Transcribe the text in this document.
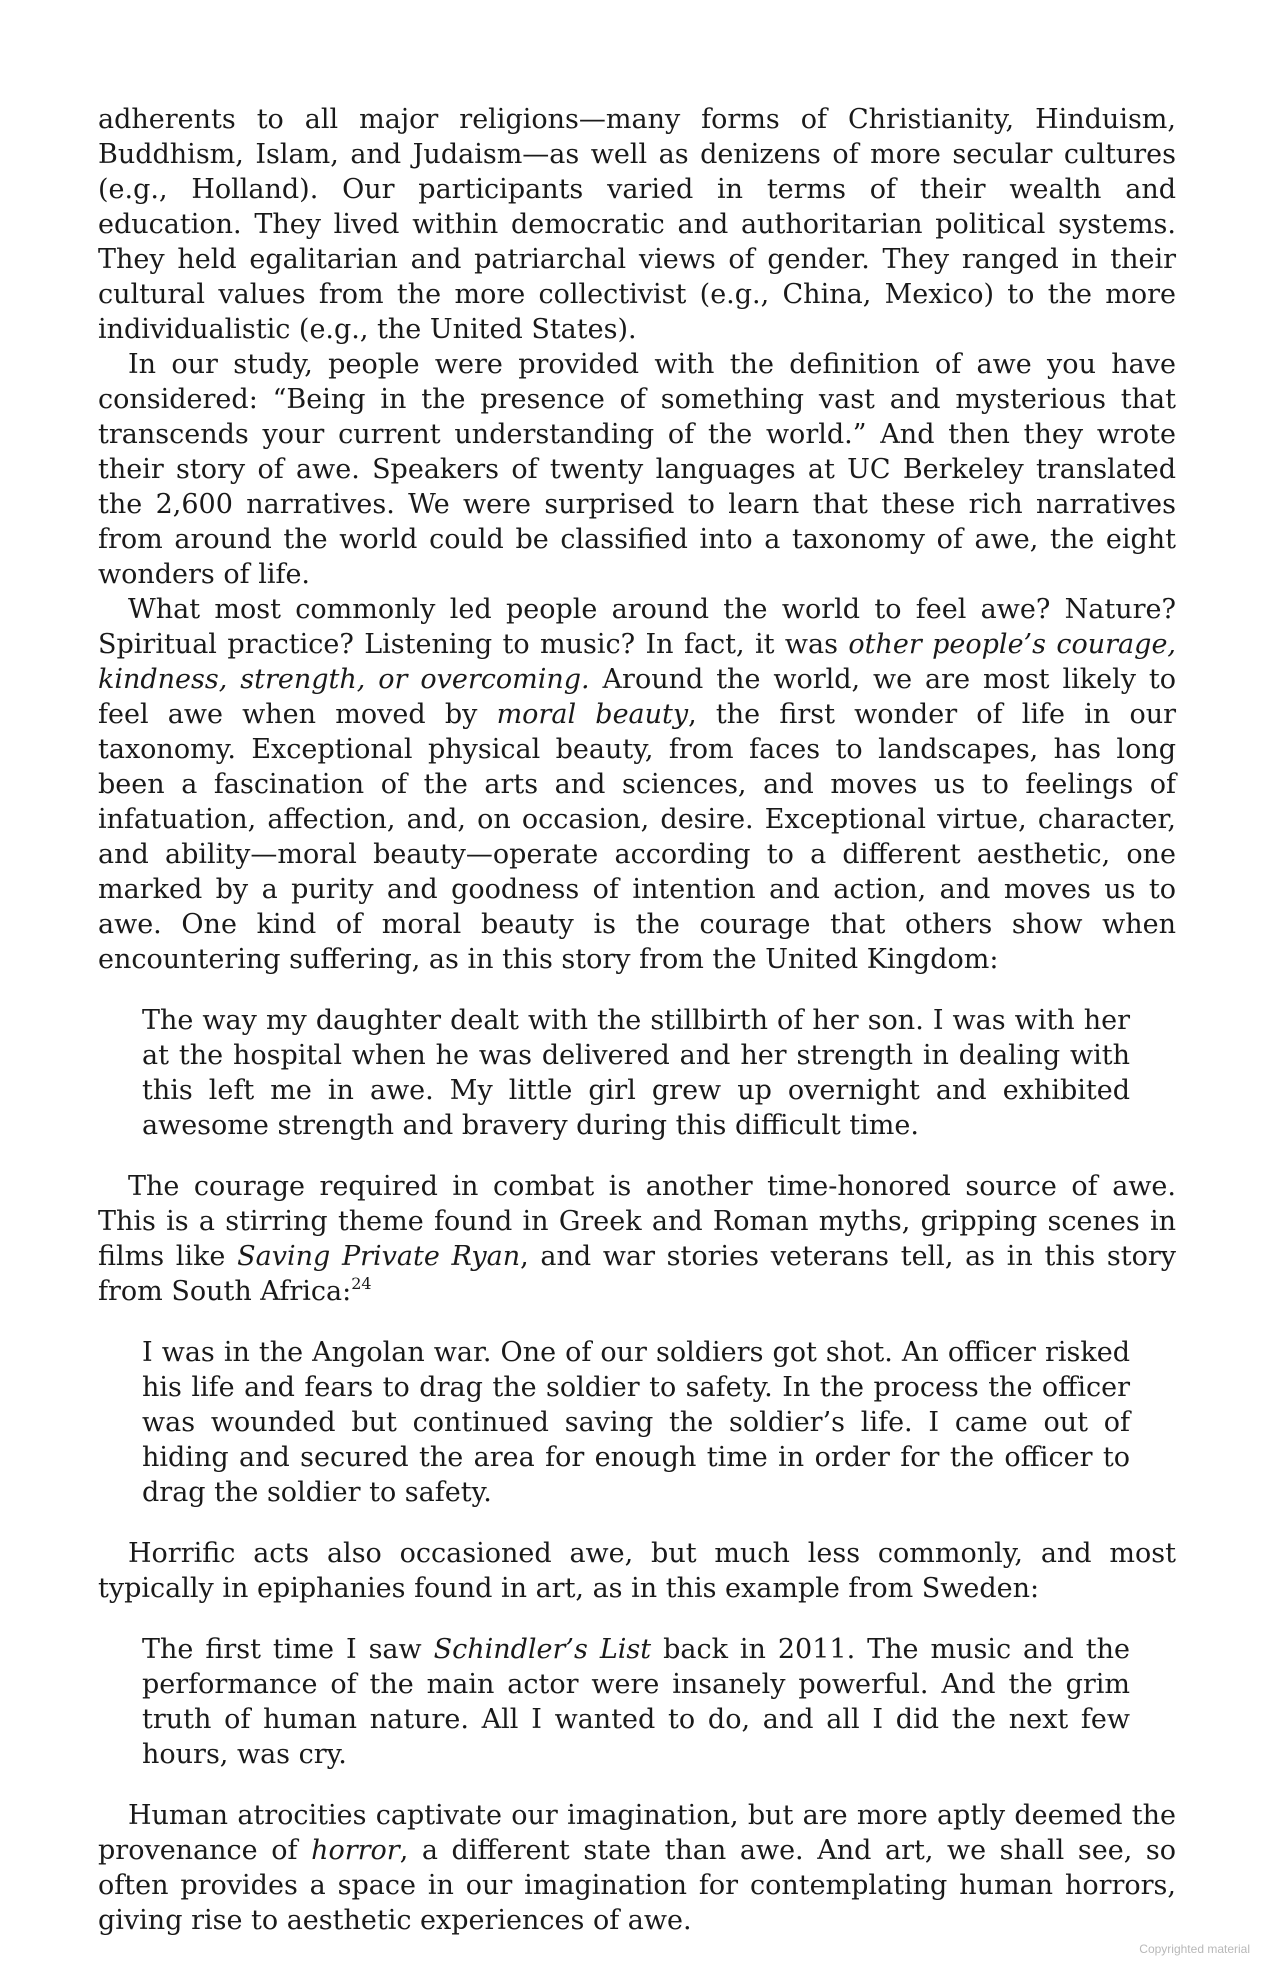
adherents to all major religions—many forms of Christianity, Hinduism, Buddhism, Islam, and Judaism—as well as denizens of more secular cultures (e.g., Holland). Our participants varied in terms of their wealth and education. They lived within democratic and authoritarian political systems. They held egalitarian and patriarchal views of gender. They ranged in their cultural values from the more collectivist (e.g., China, Mexico) to the more individualistic (e.g., the United States).

In our study, people were provided with the definition of awe you have considered: “Being in the presence of something vast and mysterious that transcends your current understanding of the world.” And then they wrote their story of awe. Speakers of twenty languages at UC Berkeley translated the 2,600 narratives. We were surprised to learn that these rich narratives from around the world could be classified into a taxonomy of awe, the eight wonders of life.

What most commonly led people around the world to feel awe? Nature? Spiritual practice? Listening to music? In fact, it was other people’s courage, kindness, strength, or overcoming. Around the world, we are most likely to feel awe when moved by moral beauty, the first wonder of life in our taxonomy. Exceptional physical beauty, from faces to landscapes, has long been a fascination of the arts and sciences, and moves us to feelings of infatuation, affection, and, on occasion, desire. Exceptional virtue, character, and ability—moral beauty—operate according to a different aesthetic, one marked by a purity and goodness of intention and action, and moves us to awe. One kind of moral beauty is the courage that others show when encountering suffering, as in this story from the United Kingdom:

The way my daughter dealt with the stillbirth of her son. I was with her at the hospital when he was delivered and her strength in dealing with this left me in awe. My little girl grew up overnight and exhibited awesome strength and bravery during this difficult time.

The courage required in combat is another time-honored source of awe. This is a stirring theme found in Greek and Roman myths, gripping scenes in films like Saving Private Ryan, and war stories veterans tell, as in this story from South Africa:$^{24}$

I was in the Angolan war. One of our soldiers got shot. An officer risked his life and fears to drag the soldier to safety. In the process the officer was wounded but continued saving the soldier’s life. I came out of hiding and secured the area for enough time in order for the officer to drag the soldier to safety.

Horrific acts also occasioned awe, but much less commonly, and most typically in epiphanies found in art, as in this example from Sweden:

The first time I saw Schindler’s List back in 2011. The music and the performance of the main actor were insanely powerful. And the grim truth of human nature. All I wanted to do, and all I did the next few hours, was cry.

Human atrocities captivate our imagination, but are more aptly deemed the provenance of horror, a different state than awe. And art, we shall see, so often provides a space in our imagination for contemplating human horrors, giving rise to aesthetic experiences of awe.

Copyrighted material
